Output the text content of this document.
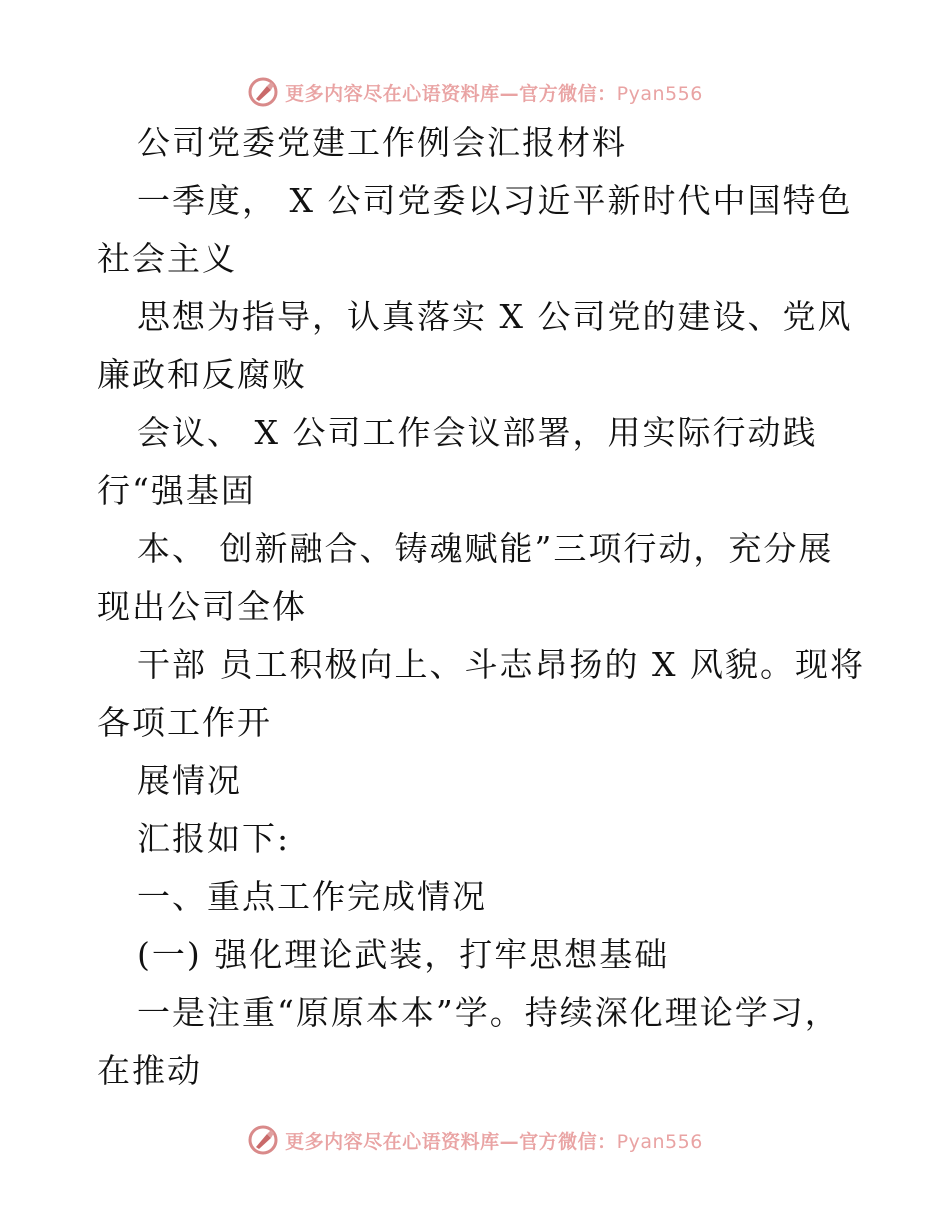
更多内容尽在心语资料库—官方微信：Pyan556
公司党委党建工作例会汇报材料
一季度， X 公司党委以习近平新时代中国特色
社会主义
思想为指导，认真落实 X 公司党的建设、党风
廉政和反腐败
会议、 X 公司工作会议部署，用实际行动践
行“强基固
本、 创新融合、铸魂赋能”三项行动，充分展
现出公司全体
干部 员工积极向上、斗志昂扬的 X 风貌。现将
各项工作开
展情况
汇报如下:
一、重点工作完成情况
(一) 强化理论武装，打牢思想基础
一是注重“原原本本”学。持续深化理论学习，
在推动
更多内容尽在心语资料库—官方微信：Pyan556
